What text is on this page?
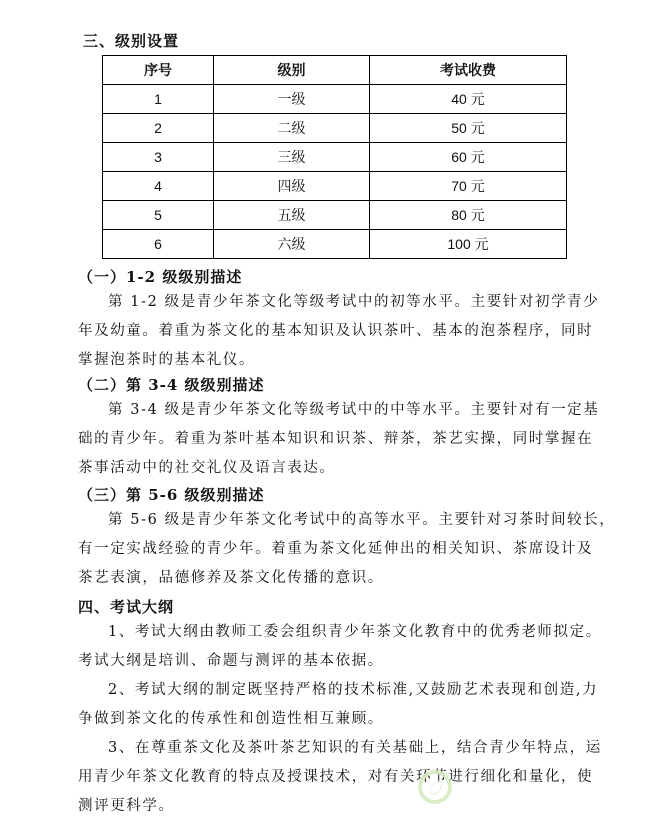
三、级别设置
序号	级别	考试收费
1	一级	40 元
2	二级	50 元
3	三级	60 元
4	四级	70 元
5	五级	80 元
6	六级	100 元
（一）1-2 级级别描述
第 1-2 级是青少年茶文化等级考试中的初等水平。主要针对初学青少
年及幼童。着重为茶文化的基本知识及认识茶叶、基本的泡茶程序，同时
掌握泡茶时的基本礼仪。
（二）第 3-4 级级别描述
第 3-4 级是青少年茶文化等级考试中的中等水平。主要针对有一定基
础的青少年。着重为茶叶基本知识和识茶、辩茶，茶艺实操，同时掌握在
茶事活动中的社交礼仪及语言表达。
（三）第 5-6 级级别描述
第 5-6 级是青少年茶文化考试中的高等水平。主要针对习茶时间较长，
有一定实战经验的青少年。着重为茶文化延伸出的相关知识、茶席设计及
茶艺表演，品德修养及茶文化传播的意识。
四、考试大纲
1、考试大纲由教师工委会组织青少年茶文化教育中的优秀老师拟定。
考试大纲是培训、命题与测评的基本依据。
2、考试大纲的制定既坚持严格的技术标准,又鼓励艺术表现和创造,力
争做到茶文化的传承性和创造性相互兼顾。
3、在尊重茶文化及茶叶茶艺知识的有关基础上，结合青少年特点，运
用青少年茶文化教育的特点及授课技术，对有关环节进行细化和量化，使
测评更科学。
